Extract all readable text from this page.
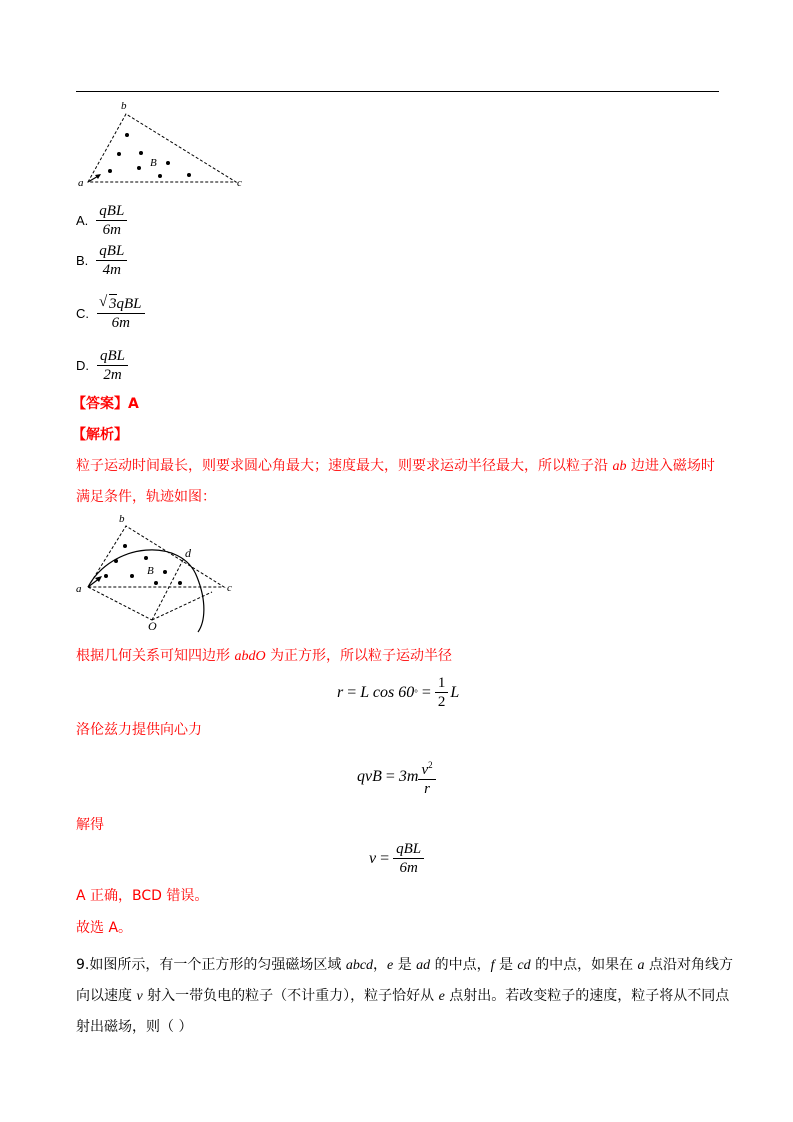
a
b
c
B
A. $\frac{\text{qBL}}{6m}$
B. $\frac{\text{qBL}}{4m}$
C.
√ $\frac{\text{3qBL}}{6m}$
D. $\frac{\text{qBL}}{2m}$
【答案】A
【解析】
粒子运动时间最长，则要求圆心角最大；速度最大，则要求运动半径最大，所以粒子沿 ab 边进入磁场时
满足条件，轨迹如图：
a
b
c
d
B
O
根据几何关系可知四边形 abdO 为正方形，所以粒子运动半径
r = L cos 60 ° = $\frac{1}{2}$ L
洛伦兹力提供向心力
qvB = $3m \frac{v^2}{r}$
解得
$v = \frac{\text{qBL}}{6m}$
A 正确，BCD 错误。
故选 A。
9.如图所示，有一个正方形的匀强磁场区域 abcd，e 是 ad 的中点，f 是 cd 的中点，如果在 a 点沿对角线方
向以速度 v 射入一带负电的粒子（不计重力），粒子恰好从 e 点射出。若改变粒子的速度，粒子将从不同点
射出磁场，则（ ）
